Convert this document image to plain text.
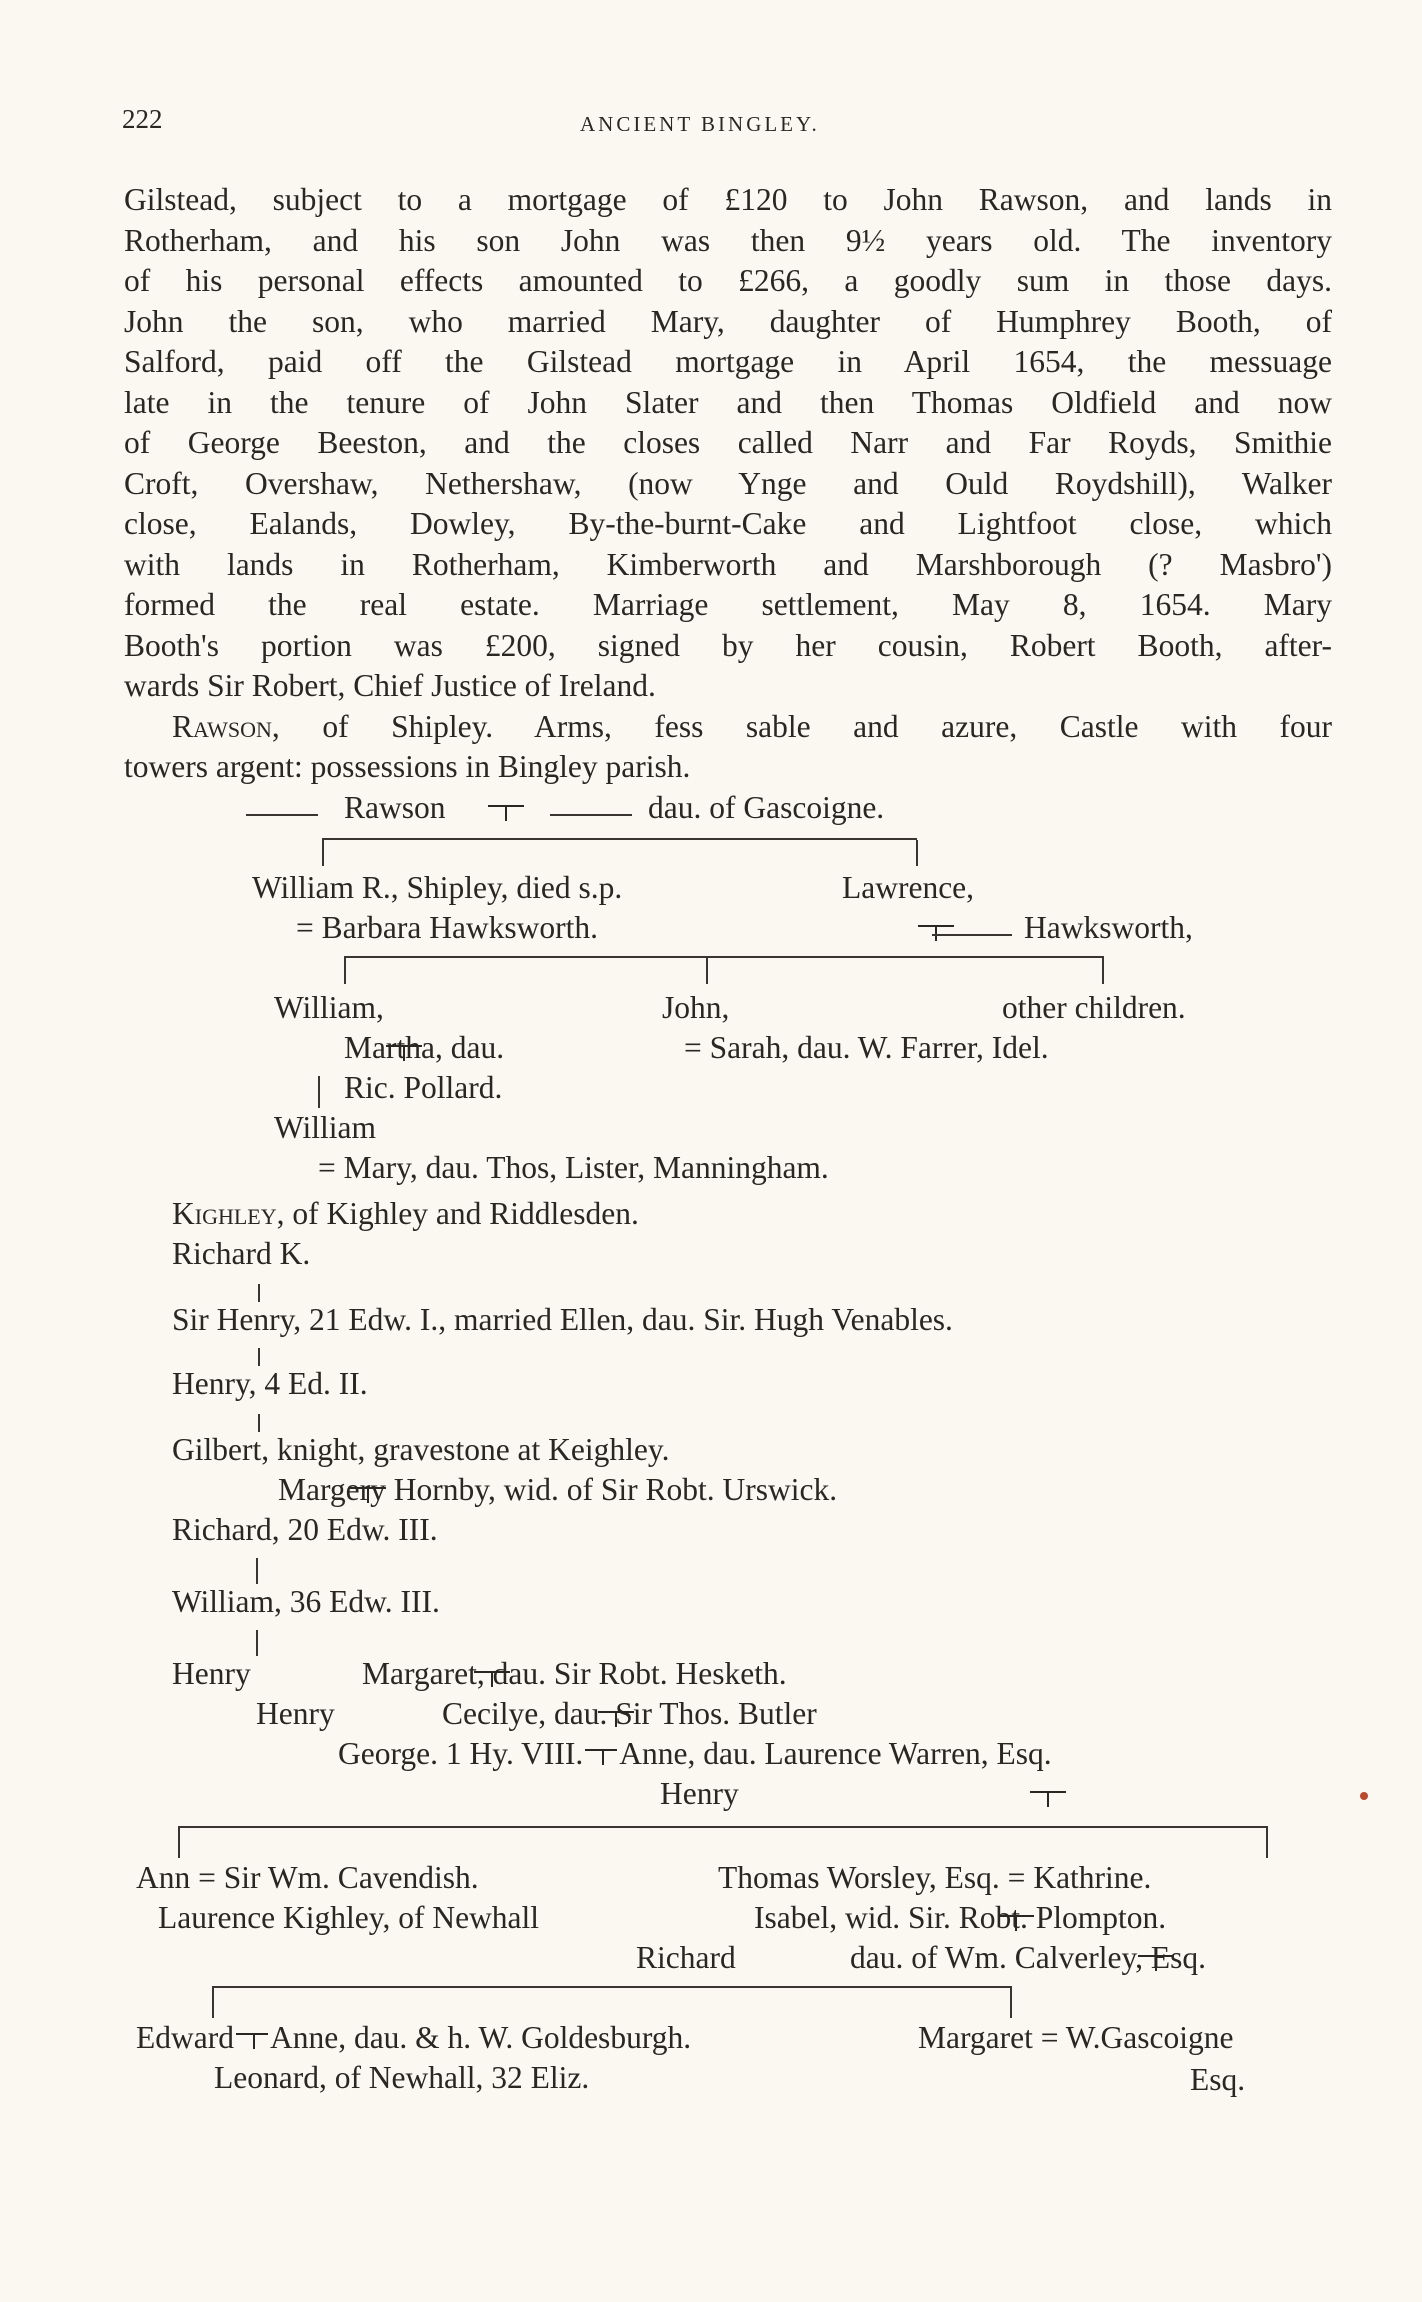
222	ANCIENT BINGLEY.

Gilstead, subject to a mortgage of £120 to John Rawson, and lands in

Rotherham, and his son John was then 9½ years old. The inventory

of his personal effects amounted to £266, a goodly sum in those days.

John the son, who married Mary, daughter of Humphrey Booth, of

Salford, paid off the Gilstead mortgage in April 1654, the messuage

late in the tenure of John Slater and then Thomas Oldfield and now

of George Beeston, and the closes called Narr and Far Royds, Smithie

Croft, Overshaw, Nethershaw, (now Ynge and Ould Roydshill), Walker

close, Ealands, Dowley, By-the-burnt-Cake and Lightfoot close, which

with lands in Rotherham, Kimberworth and Marshborough (? Masbro')

formed the real estate. Marriage settlement, May 8, 1654. Mary

Booth's portion was £200, signed by her cousin, Robert Booth, after-

wards Sir Robert, Chief Justice of Ireland.

Rawson, of Shipley. Arms, fess sable and azure, Castle with four

towers argent: possessions in Bingley parish.

Rawson
	dau. of Gascoigne.
William R., Shipley, died s.p.
= Barbara Hawksworth.
Lawrence,

Hawksworth,
William,

Martha, dau.
Ric. Pollard.
John,
= Sarah, dau. W. Farrer, Idel.
other children.
William
= Mary, dau. Thos, Lister, Manningham.
Kighley, of Kighley and Riddlesden.
Richard K.
Sir Henry, 21 Edw. I., married Ellen, dau. Sir. Hugh Venables.
Henry, 4 Ed. II.
Gilbert, knight, gravestone at Keighley.

Margery Hornby, wid. of Sir Robt. Urswick.
Richard, 20 Edw. III.
William, 36 Edw. III.
Henry
	Margaret, dau. Sir Robt. Hesketh.
Henry
	Cecilye, dau. Sir Thos. Butler
George. 1 Hy. VIII. Anne, dau. Laurence Warren, Esq.
Henry

Ann = Sir Wm. Cavendish.	Thomas Worsley, Esq. = Kathrine.
Laurence Kighley, of Newhall
	Isabel, wid. Sir. Robt. Plompton.
Richard	dau. of Wm. Calverley, Esq.
Edward Anne, dau. & h. W. Goldesburgh.	Margaret = W.Gascoigne
Leonard, of Newhall, 32 Eliz.	Esq.
